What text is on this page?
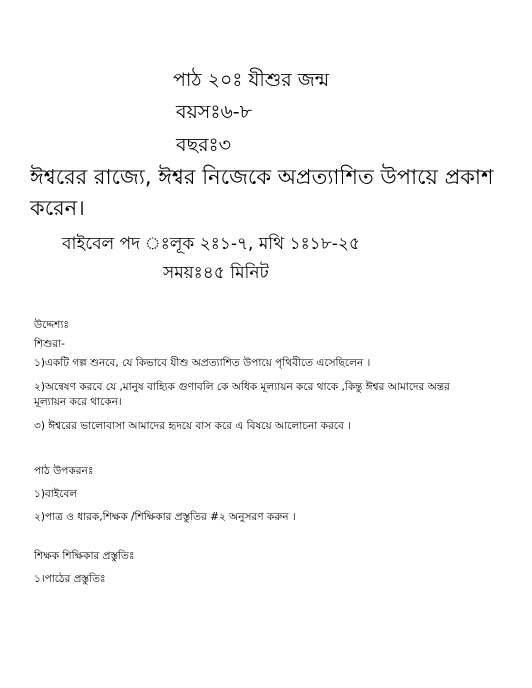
পাঠ ২০ঃ যীশুর জন্ম
বয়সঃ৬-৮
বছরঃ৩
ঈশ্বরের রাজ্যে, ঈশ্বর নিজেকে অপ্রত্যাশিত উপায়ে প্রকাশ করেন।
বাইবেল পদ ঃলূক ২ঃ১-৭, মথি ১ঃ১৮-২৫
সময়ঃ৪৫ মিনিট
উদ্দেশ্যঃ
শিশুরা-
১)একটি গল্প শুনবে, যে কিভাবে যীশু অপ্রত্যাশিত উপায়ে পৃথিবীতে এসেছিলেন ।
২)অন্বেষণ করবে যে ,মানুষ বাহ্যিক গুণাবলি কে অধিক মূল্যায়ন করে থাকে ,কিন্তু ঈশ্বর আমাদের অন্তর মূল্যায়ন করে থাকেন।
৩) ঈশ্বরের ভালোবাসা আমাদের হৃদয়ে বাস করে এ বিষয়ে আলোচনা করবে ।
পাঠ উপকরনঃ
১)বাইবেল
২)পাত্র ও ধারক,শিক্ষক /শিক্ষিকার প্রস্তুতির #২ অনুসরণ করুন ।
শিক্ষক শিক্ষিকার প্রস্তুতিঃ
১।পাঠের প্রস্তুতিঃ
